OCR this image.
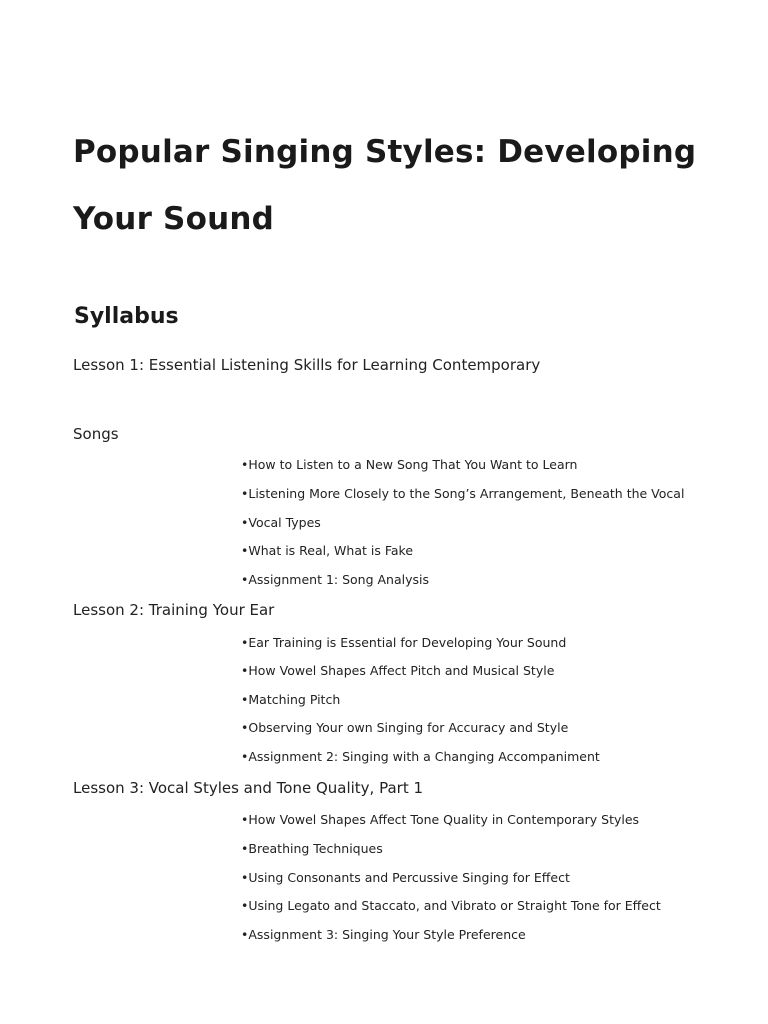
Popular Singing Styles: Developing
Your Sound
Syllabus
Lesson 1: Essential Listening Skills for Learning Contemporary
Songs
•How to Listen to a New Song That You Want to Learn
•Listening More Closely to the Song’s Arrangement, Beneath the Vocal
•Vocal Types
•What is Real, What is Fake
•Assignment 1: Song Analysis
Lesson 2: Training Your Ear
•Ear Training is Essential for Developing Your Sound
•How Vowel Shapes Affect Pitch and Musical Style
•Matching Pitch
•Observing Your own Singing for Accuracy and Style
•Assignment 2: Singing with a Changing Accompaniment
Lesson 3: Vocal Styles and Tone Quality, Part 1
•How Vowel Shapes Affect Tone Quality in Contemporary Styles
•Breathing Techniques
•Using Consonants and Percussive Singing for Effect
•Using Legato and Staccato, and Vibrato or Straight Tone for Effect
•Assignment 3: Singing Your Style Preference
